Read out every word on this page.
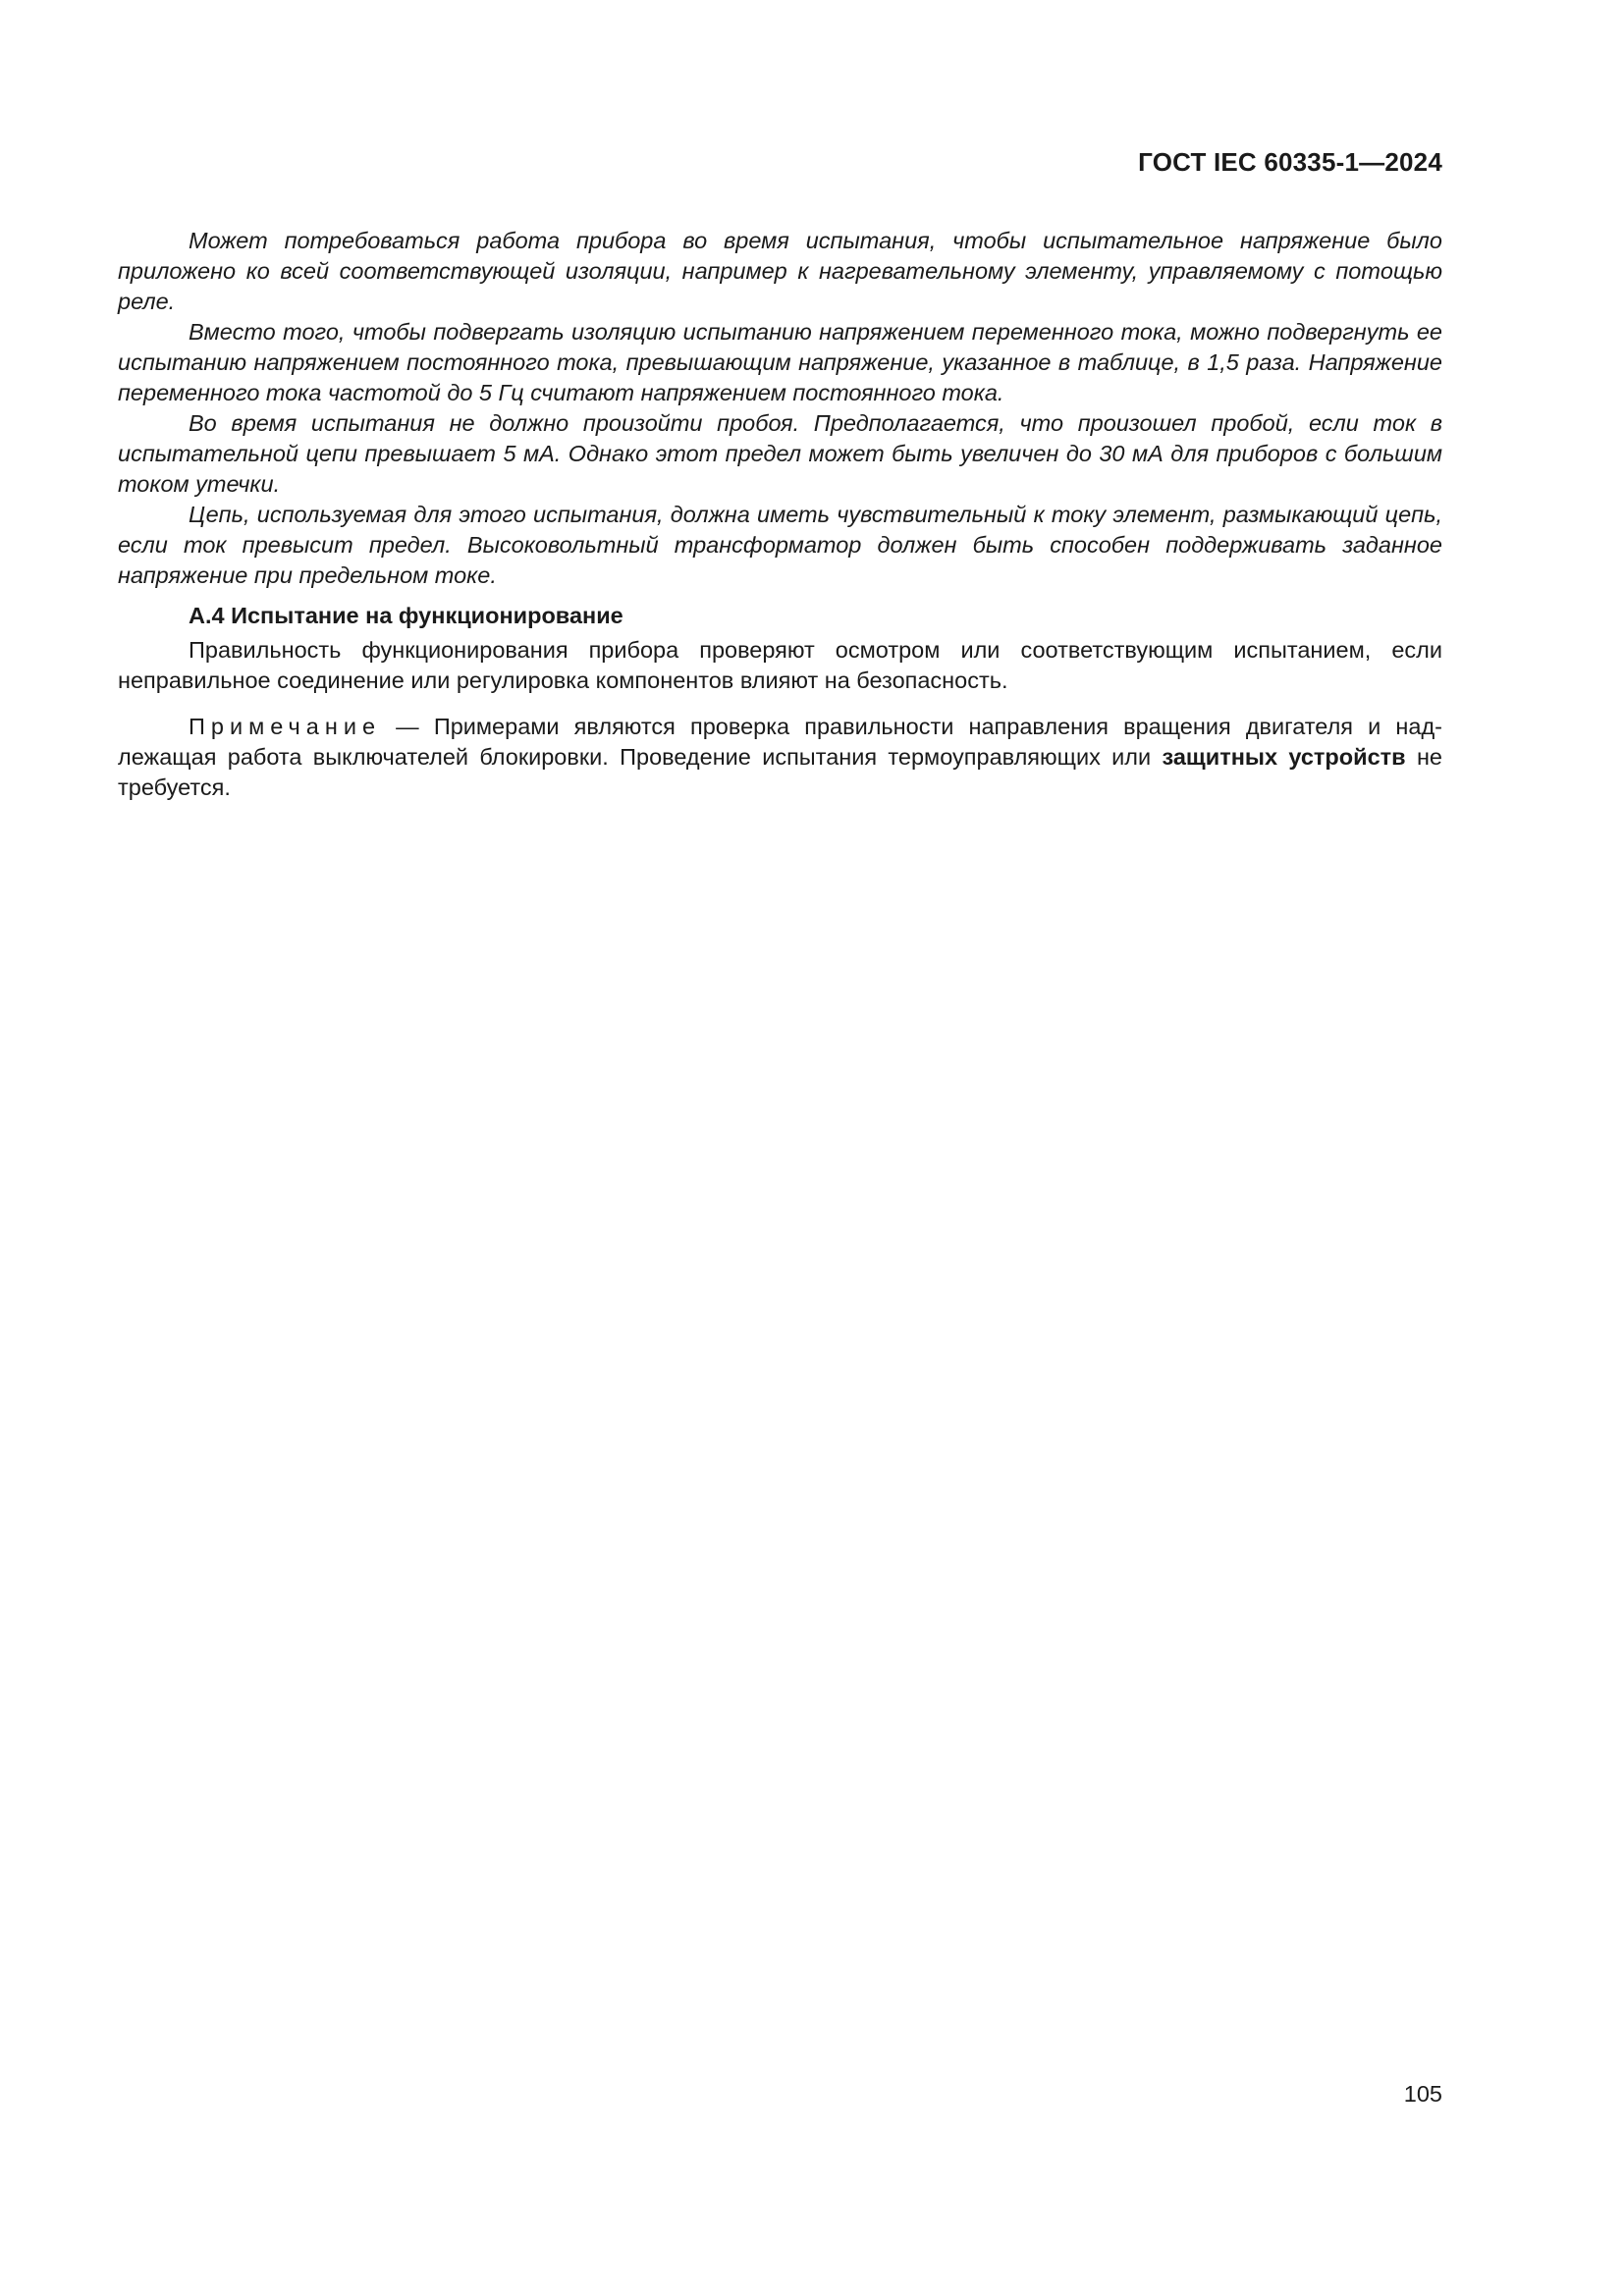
ГОСТ IEC 60335-1—2024

Может потребоваться работа прибора во время испытания, чтобы испытательное напряжение было приложено ко всей соответствующей изоляции, например к нагревательному элементу, управляемому с поmощью реле.

Вместо того, чтобы подвергать изоляцию испытанию напряжением переменного тока, можно подвергнуть ее испытанию напряжением постоянного тока, превышающим напряжение, указанное в таблице, в 1,5 раза. Напряжение переменного тока частотой до 5 Гц считают напряжением постоянного тока.

Во время испытания не должно произойти пробоя. Предполагается, что произошел пробой, если ток в испытательной цепи превышает 5 мА. Однако этот предел может быть увеличен до 30 мА для приборов с большим током утечки.

Цепь, используемая для этого испытания, должна иметь чувствительный к току элемент, размыкающий цепь, если ток превысит предел. Высоковольтный трансформатор должен быть способен поддерживать заданное напряжение при предельном токе.

А.4 Испытание на функционирование

Правильность функционирования прибора проверяют осмотром или соответствующим испытанием, если неправильное соединение или регулировка компонентов влияют на безопасность.

Примечание — Примерами являются проверка правильности направления вращения двигателя и надлежащая работа выключателей блокировки. Проведение испытания термоуправляющих или защитных устройств не требуется.

105
